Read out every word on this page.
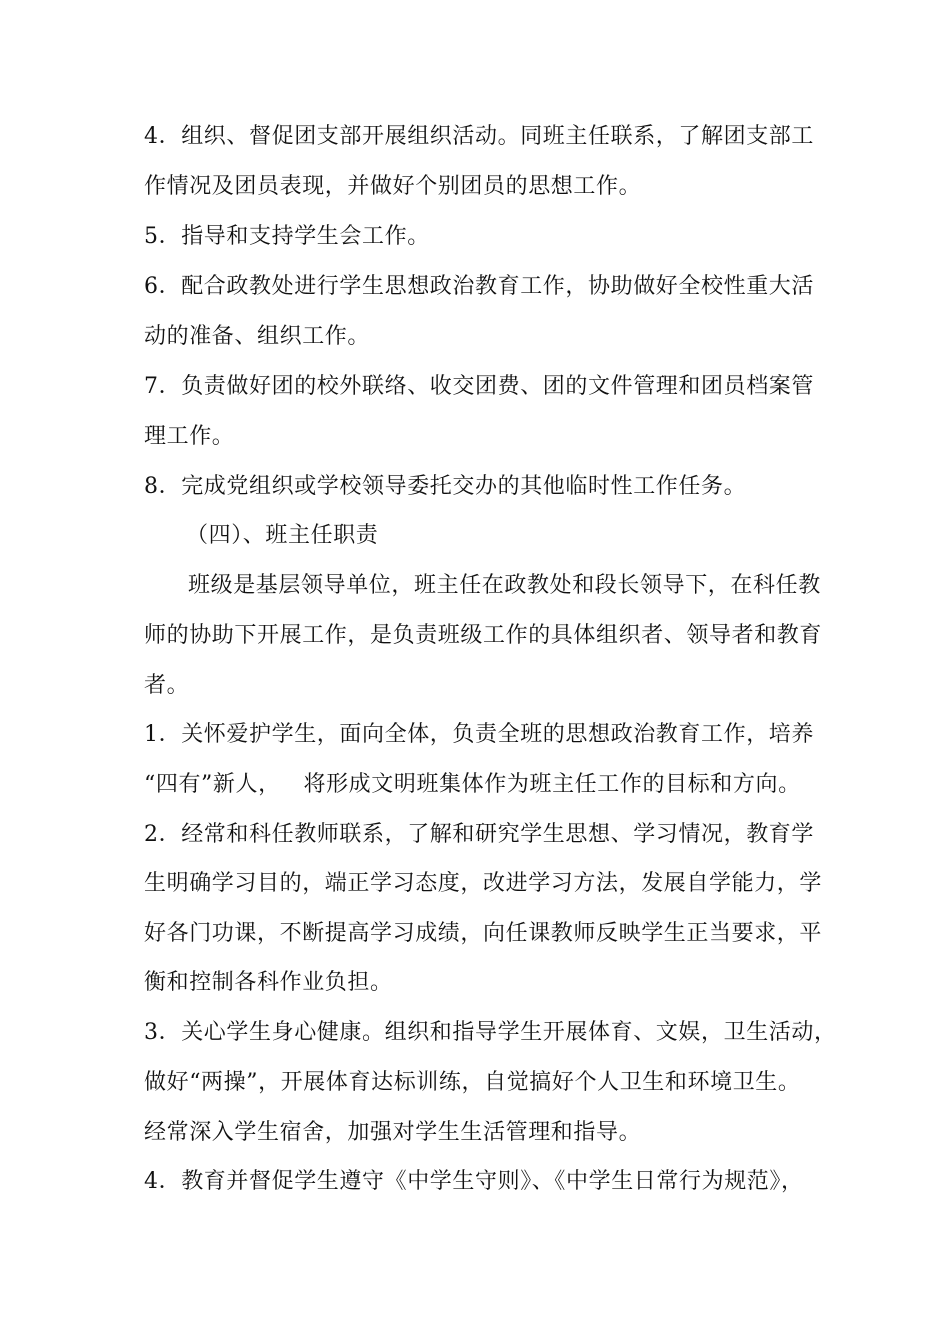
4．组织、督促团支部开展组织活动。同班主任联系，了解团支部工
作情况及团员表现，并做好个别团员的思想工作。
5．指导和支持学生会工作。
6．配合政教处进行学生思想政治教育工作，协助做好全校性重大活
动的准备、组织工作。
7．负责做好团的校外联络、收交团费、团的文件管理和团员档案管
理工作。
8．完成党组织或学校领导委托交办的其他临时性工作任务。
（四）、班主任职责
班级是基层领导单位，班主任在政教处和段长领导下，在科任教
师的协助下开展工作，是负责班级工作的具体组织者、领导者和教育
者。
1．关怀爱护学生，面向全体，负责全班的思想政治教育工作，培养
“四有”新人，   将形成文明班集体作为班主任工作的目标和方向。
2．经常和科任教师联系，了解和研究学生思想、学习情况，教育学
生明确学习目的，端正学习态度，改进学习方法，发展自学能力，学
好各门功课，不断提高学习成绩，向任课教师反映学生正当要求，平
衡和控制各科作业负担。
3．关心学生身心健康。组织和指导学生开展体育、文娱，卫生活动，
做好“两操”，开展体育达标训练，自觉搞好个人卫生和环境卫生。
经常深入学生宿舍，加强对学生生活管理和指导。
4．教育并督促学生遵守《中学生守则》、《中学生日常行为规范》，
